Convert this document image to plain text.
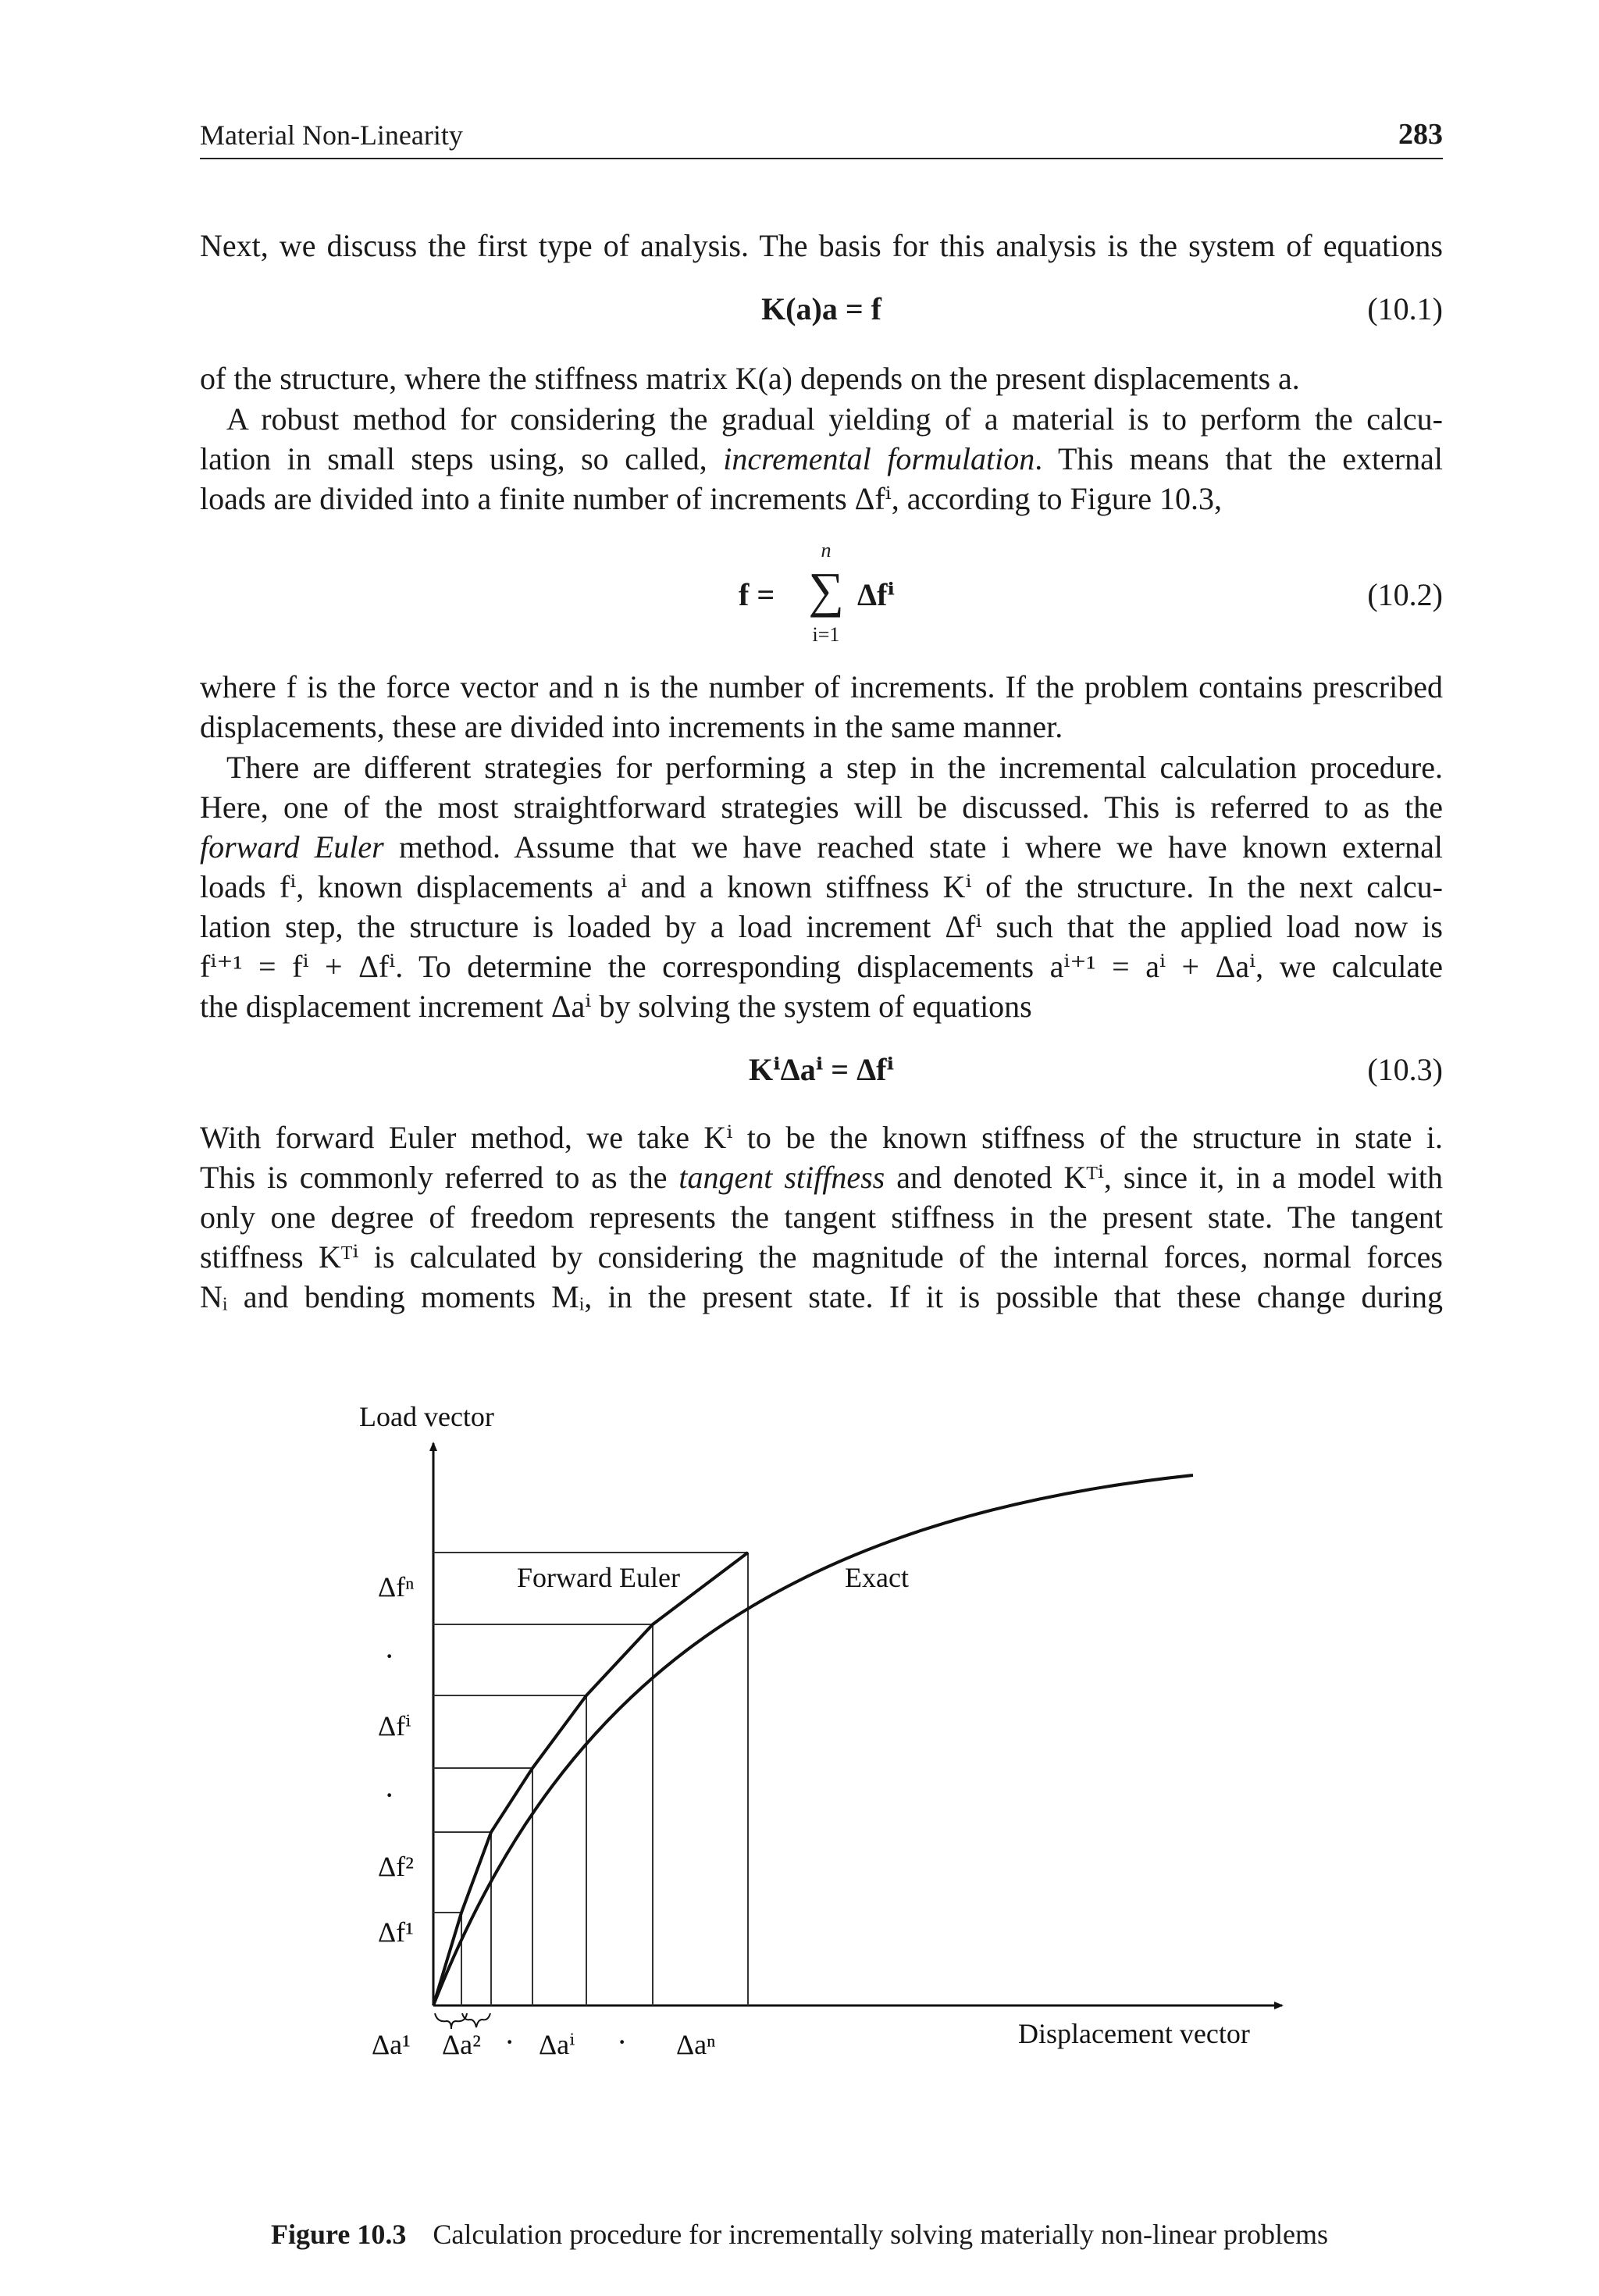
Material Non-Linearity	283
Next, we discuss the first type of analysis. The basis for this analysis is the system of equations
K(a)a = f	(10.1)
of the structure, where the stiffness matrix K(a) depends on the present displacements a.
A robust method for considering the gradual yielding of a material is to perform the calcu-
lation in small steps using, so called, incremental formulation. This means that the external
loads are divided into a finite number of increments Δfⁱ, according to Figure 10.3,
f =
n
∑
i=1
Δfⁱ	(10.2)
where f is the force vector and n is the number of increments. If the problem contains prescribed
displacements, these are divided into increments in the same manner.
There are different strategies for performing a step in the incremental calculation procedure.
Here, one of the most straightforward strategies will be discussed. This is referred to as the
forward Euler method. Assume that we have reached state i where we have known external
loads fⁱ, known displacements aⁱ and a known stiffness Kⁱ of the structure. In the next calcu-
lation step, the structure is loaded by a load increment Δfⁱ such that the applied load now is
fⁱ⁺¹ = fⁱ + Δfⁱ. To determine the corresponding displacements aⁱ⁺¹ = aⁱ + Δaⁱ, we calculate
the displacement increment Δaⁱ by solving the system of equations
KⁱΔaⁱ = Δfⁱ	(10.3)
With forward Euler method, we take Kⁱ to be the known stiffness of the structure in state i.
This is commonly referred to as the tangent stiffness and denoted Kᵀⁱ, since it, in a model with
only one degree of freedom represents the tangent stiffness in the present state. The tangent
stiffness Kᵀⁱ is calculated by considering the magnitude of the internal forces, normal forces
Nᵢ and bending moments Mᵢ, in the present state. If it is possible that these change during
Load vector
Displacement vector
Forward Euler	Exact
Δfⁿ
·
Δfⁱ
·
Δf²
Δf¹
Δa¹ Δa² · Δaⁱ · Δaⁿ
Figure 10.3 Calculation procedure for incrementally solving materially non-linear problems
